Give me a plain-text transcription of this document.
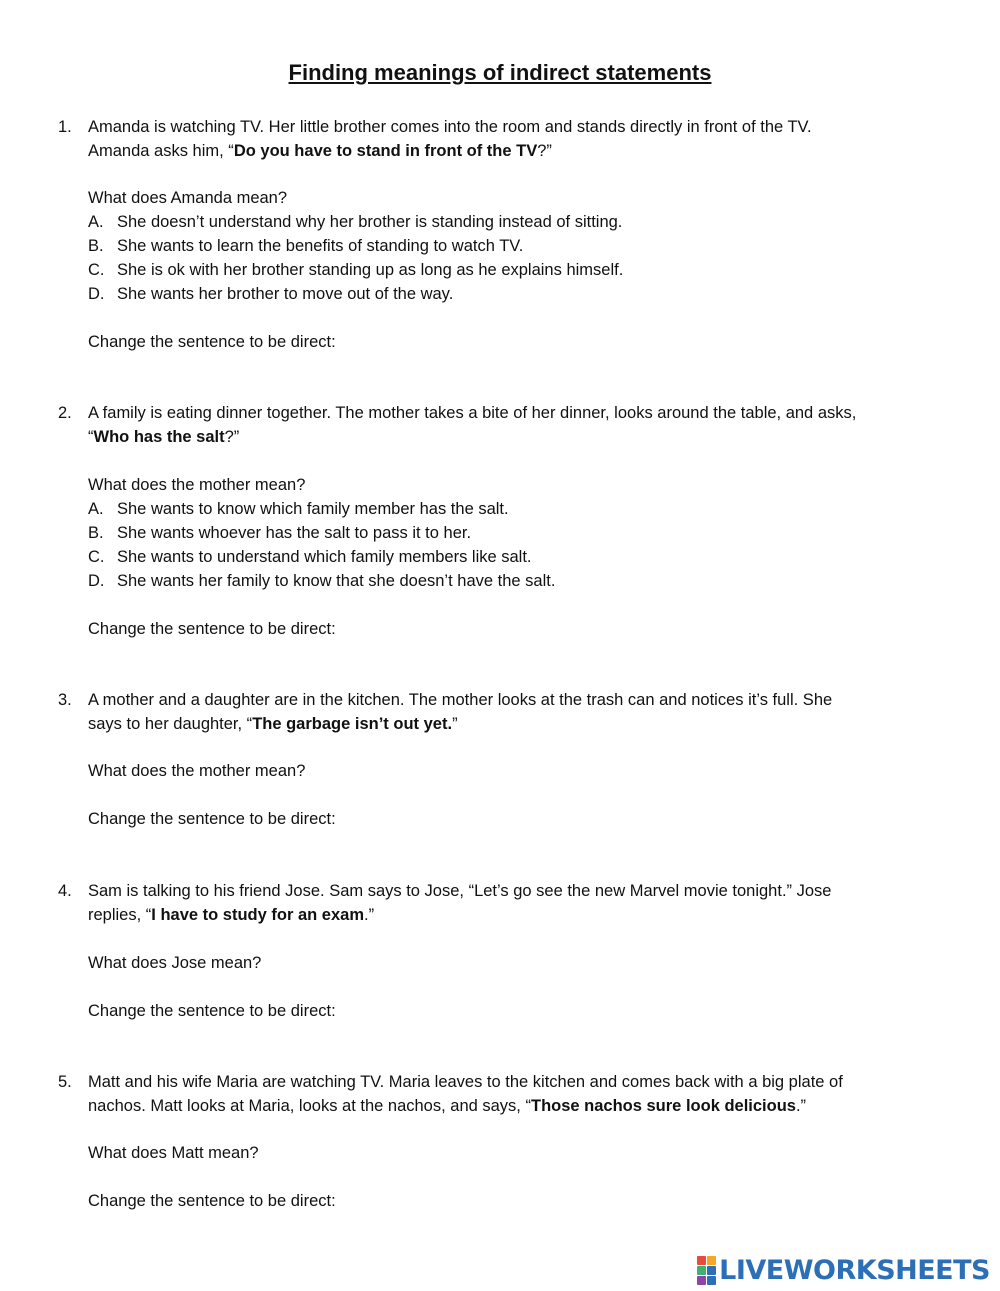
Finding meanings of indirect statements
1. Amanda is watching TV. Her little brother comes into the room and stands directly in front of the TV.
Amanda asks him, “Do you have to stand in front of the TV?”
What does Amanda mean?
A. She doesn’t understand why her brother is standing instead of sitting.
B. She wants to learn the benefits of standing to watch TV.
C. She is ok with her brother standing up as long as he explains himself.
D. She wants her brother to move out of the way.
Change the sentence to be direct:
2. A family is eating dinner together. The mother takes a bite of her dinner, looks around the table, and asks,
“Who has the salt?”
What does the mother mean?
A. She wants to know which family member has the salt.
B. She wants whoever has the salt to pass it to her.
C. She wants to understand which family members like salt.
D. She wants her family to know that she doesn’t have the salt.
Change the sentence to be direct:
3. A mother and a daughter are in the kitchen. The mother looks at the trash can and notices it’s full. She
says to her daughter, “The garbage isn’t out yet.”
What does the mother mean?
Change the sentence to be direct:
4. Sam is talking to his friend Jose. Sam says to Jose, “Let’s go see the new Marvel movie tonight.” Jose
replies, “I have to study for an exam.”
What does Jose mean?
Change the sentence to be direct:
5. Matt and his wife Maria are watching TV. Maria leaves to the kitchen and comes back with a big plate of
nachos. Matt looks at Maria, looks at the nachos, and says, “Those nachos sure look delicious.”
What does Matt mean?
Change the sentence to be direct:
LIVEWORKSHEETS
